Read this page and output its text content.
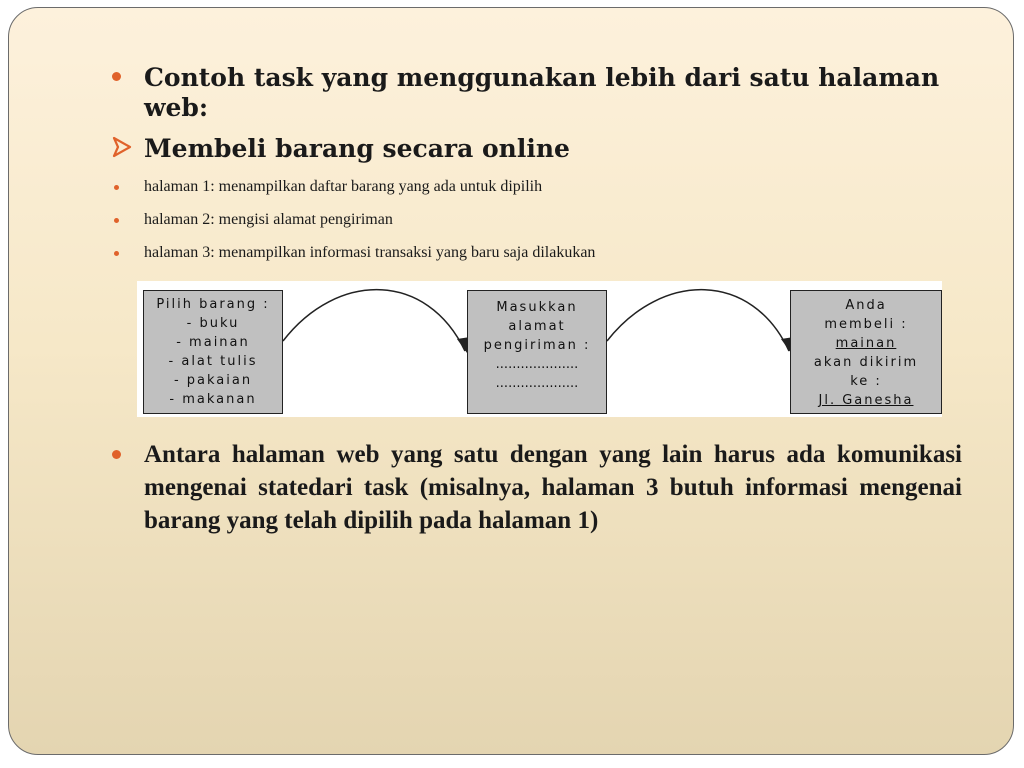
Contoh task yang menggunakan lebih dari satu halaman
web:
Membeli barang secara online
halaman 1: menampilkan daftar barang yang ada untuk dipilih
halaman 2: mengisi alamat pengiriman
halaman 3: menampilkan informasi transaksi yang baru saja dilakukan
Pilih barang :
- buku
- mainan
- alat tulis
- pakaian
- makanan
Masukkan
alamat
pengiriman :
....................
....................
Anda
membeli :
mainan
akan dikirim
ke :
Jl. Ganesha
Antara halaman web yang satu dengan yang lain harus ada komunikasi mengenai statedari task (misalnya, halaman 3 butuh informasi mengenai barang yang telah dipilih pada halaman 1)
